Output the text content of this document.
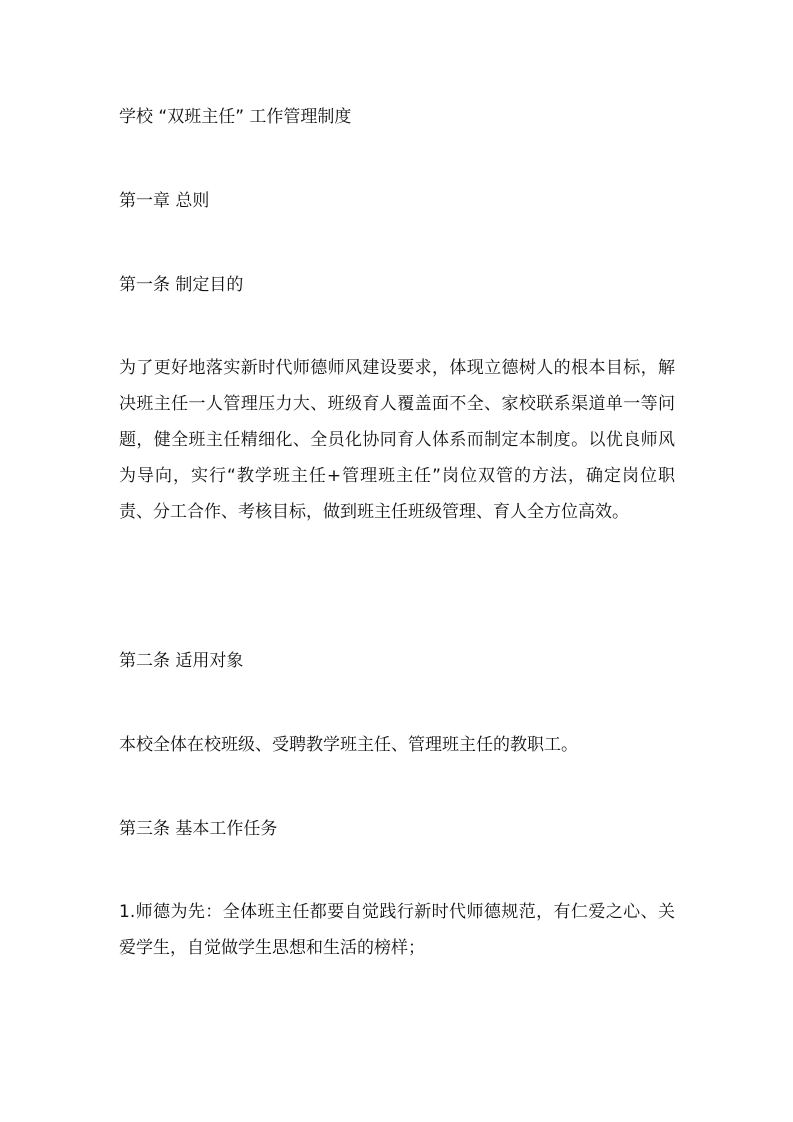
学校 “双班主任” 工作管理制度

第一章 总则

第一条 制定目的

为了更好地落实新时代师德师风建设要求，体现立德树人的根本目标，解决班主任一人管理压力大、班级育人覆盖面不全、家校联系渠道单一等问题，健全班主任精细化、全员化协同育人体系而制定本制度。以优良师风为导向，实行“教学班主任+管理班主任”岗位双管的方法，确定岗位职责、分工合作、考核目标，做到班主任班级管理、育人全方位高效。

第二条 适用对象

本校全体在校班级、受聘教学班主任、管理班主任的教职工。

第三条 基本工作任务

1.师德为先：全体班主任都要自觉践行新时代师德规范，有仁爱之心、关爱学生，自觉做学生思想和生活的榜样；
